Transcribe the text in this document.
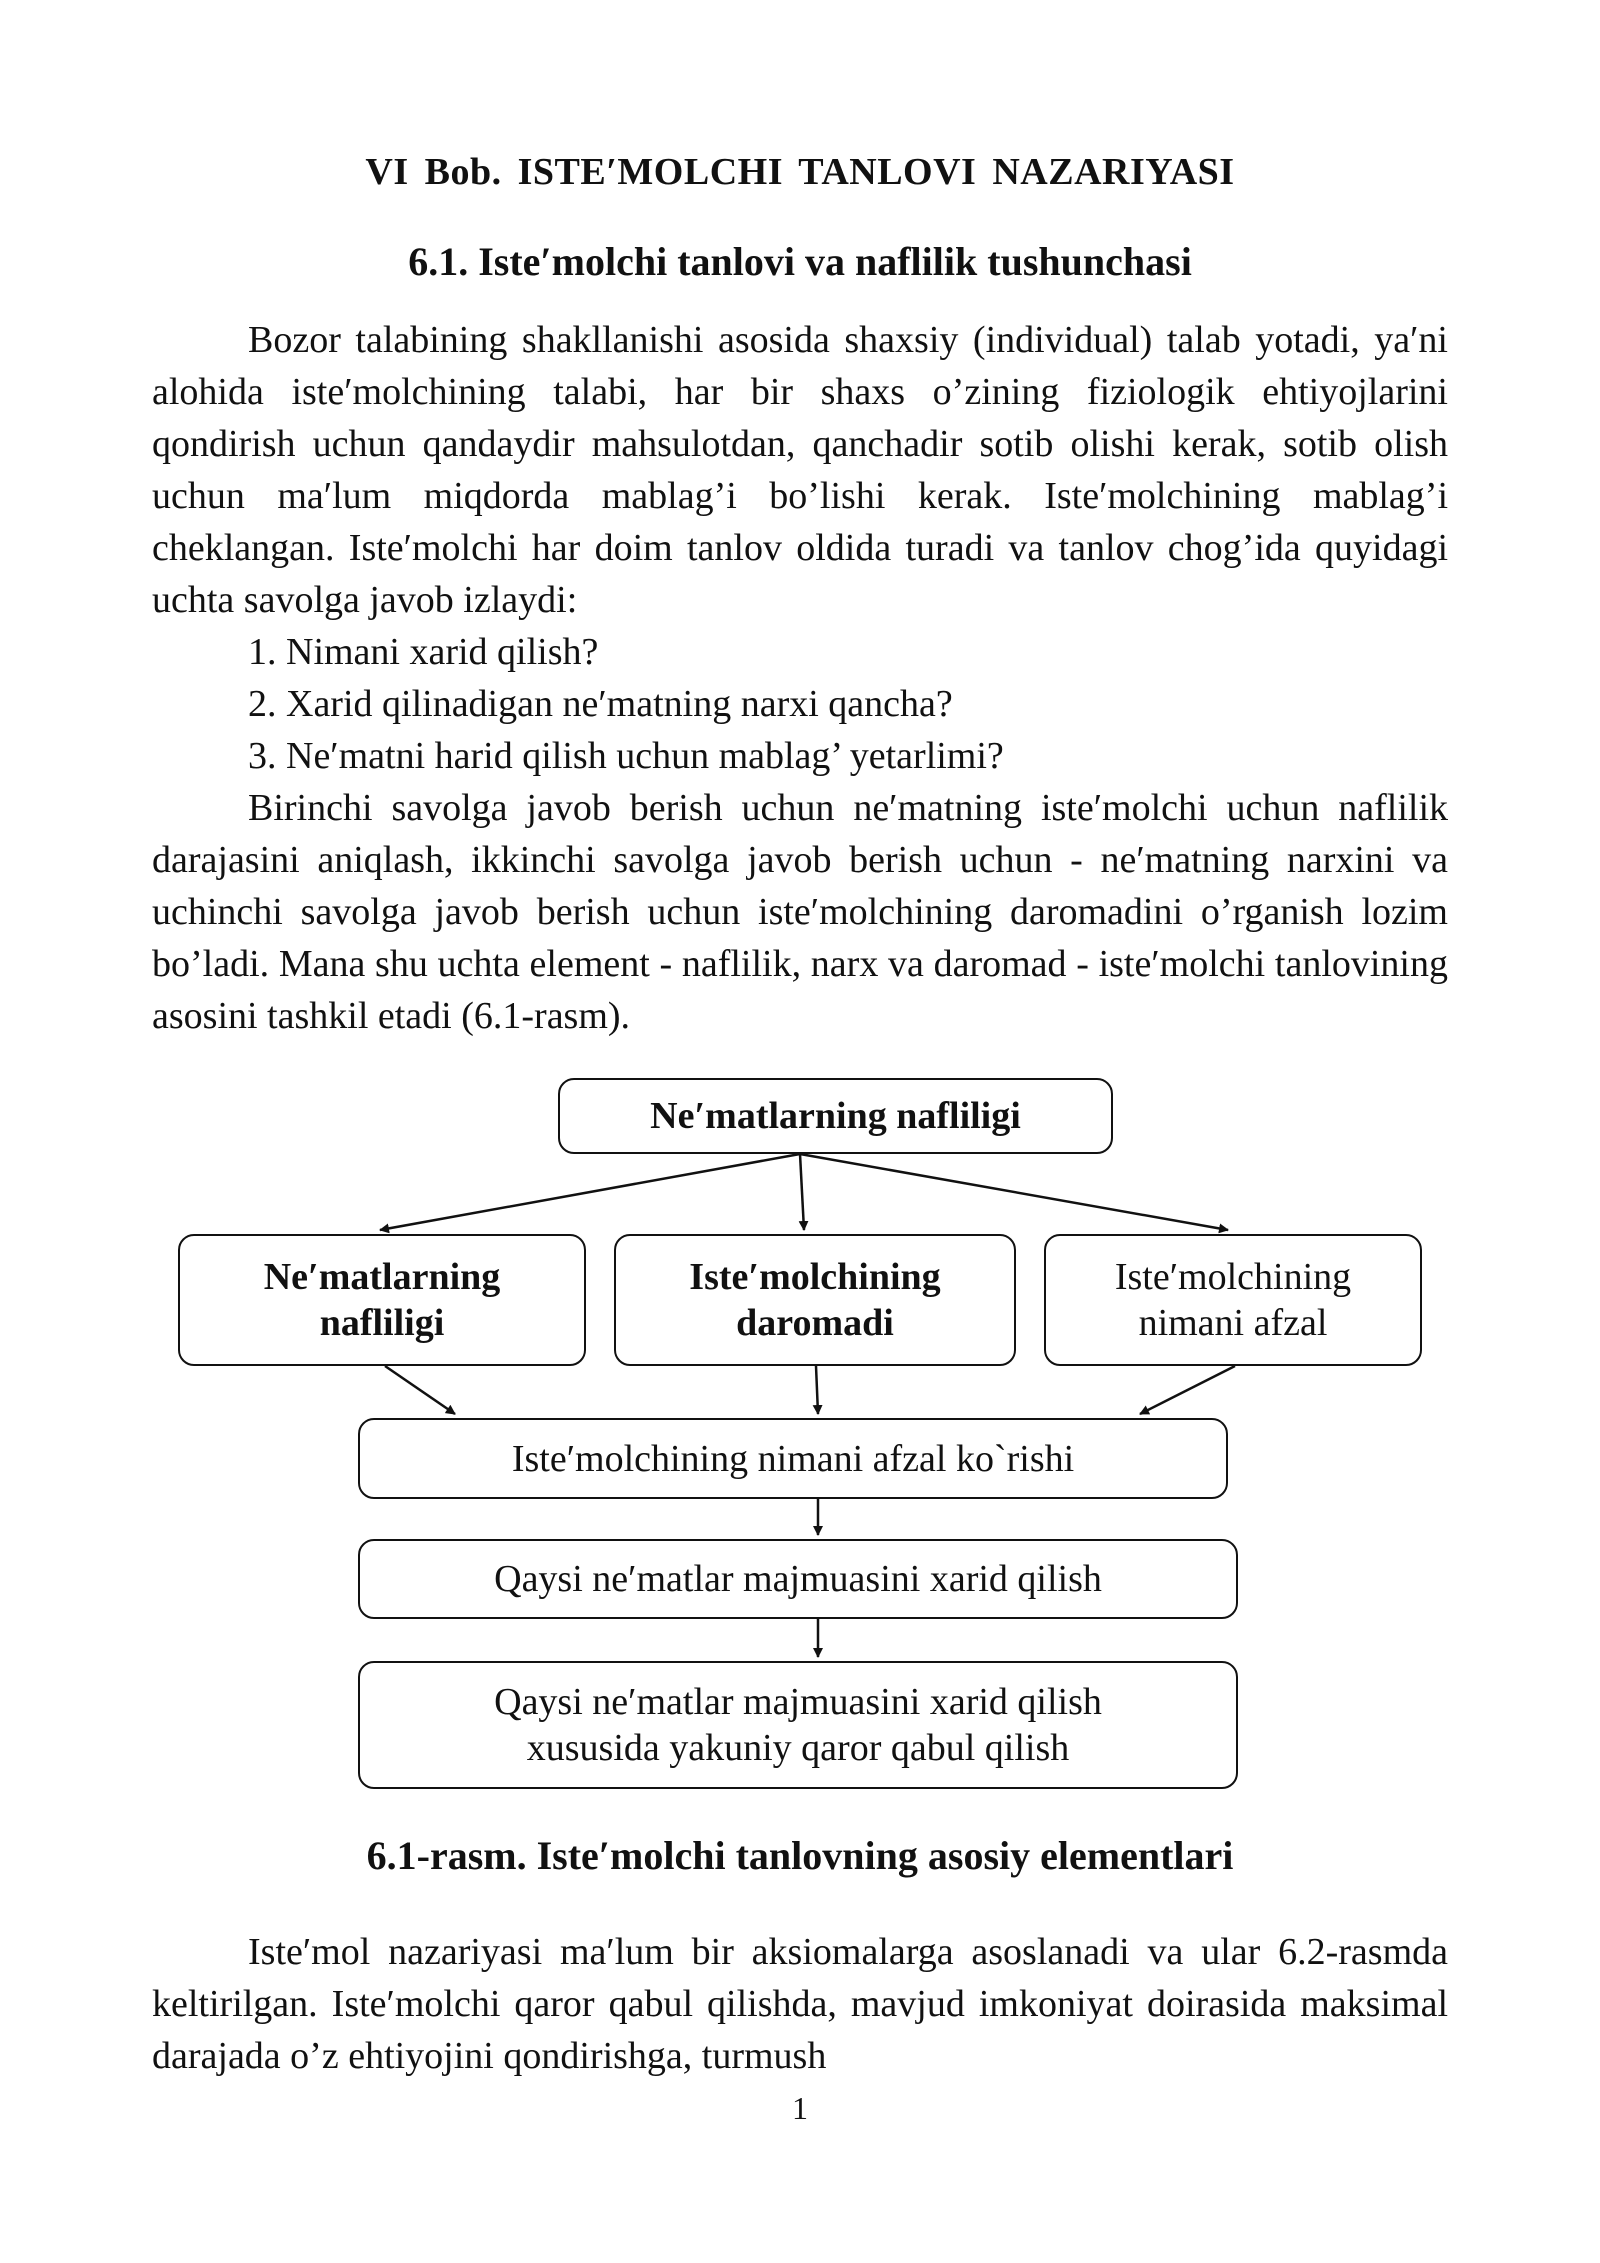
VI Bob. ISTE′MOLCHI TANLOVI NAZARIYASI
6.1. Iste′molchi tanlovi va naflilik tushunchasi

Bozor talabining shakllanishi asosida shaxsiy (individual) talab yotadi, ya′ni alohida iste′molchining talabi, har bir shaxs o’zining fiziologik ehtiyojlarini qondirish uchun qandaydir mahsulotdan, qanchadir sotib olishi kerak, sotib olish uchun ma′lum miqdorda mablag’i bo’lishi kerak. Iste′molchining mablag’i cheklangan. Iste′molchi har doim tanlov oldida turadi va tanlov chog’ida quyidagi uchta savolga javob izlaydi:

1. Nimani xarid qilish?

2. Xarid qilinadigan ne′matning narxi qancha?

3. Ne′matni harid qilish uchun mablag’ yetarlimi?

Birinchi savolga javob berish uchun ne′matning iste′molchi uchun naflilik darajasini aniqlash, ikkinchi savolga javob berish uchun - ne′matning narxini va uchinchi savolga javob berish uchun iste′molchining daromadini o’rganish lozim bo’ladi. Mana shu uchta element - naflilik, narx va daromad - iste′molchi tanlovining asosini tashkil etadi (6.1-rasm).

Ne′matlarning nafliligi
Ne′matlarning
nafliligi
Iste′molchining
daromadi
Iste′molchining
nimani afzal
Iste′molchining nimani afzal ko`rishi
Qaysi ne′matlar majmuasini xarid qilish
Qaysi ne′matlar majmuasini xarid qilish
xususida yakuniy qaror qabul qilish
6.1-rasm. Iste′molchi tanlovning asosiy elementlari

Iste′mol nazariyasi ma′lum bir aksiomalarga asoslanadi va ular 6.2-rasmda keltirilgan. Iste′molchi qaror qabul qilishda, mavjud imkoniyat doirasida maksimal darajada o’z ehtiyojini qondirishga, turmush

1
